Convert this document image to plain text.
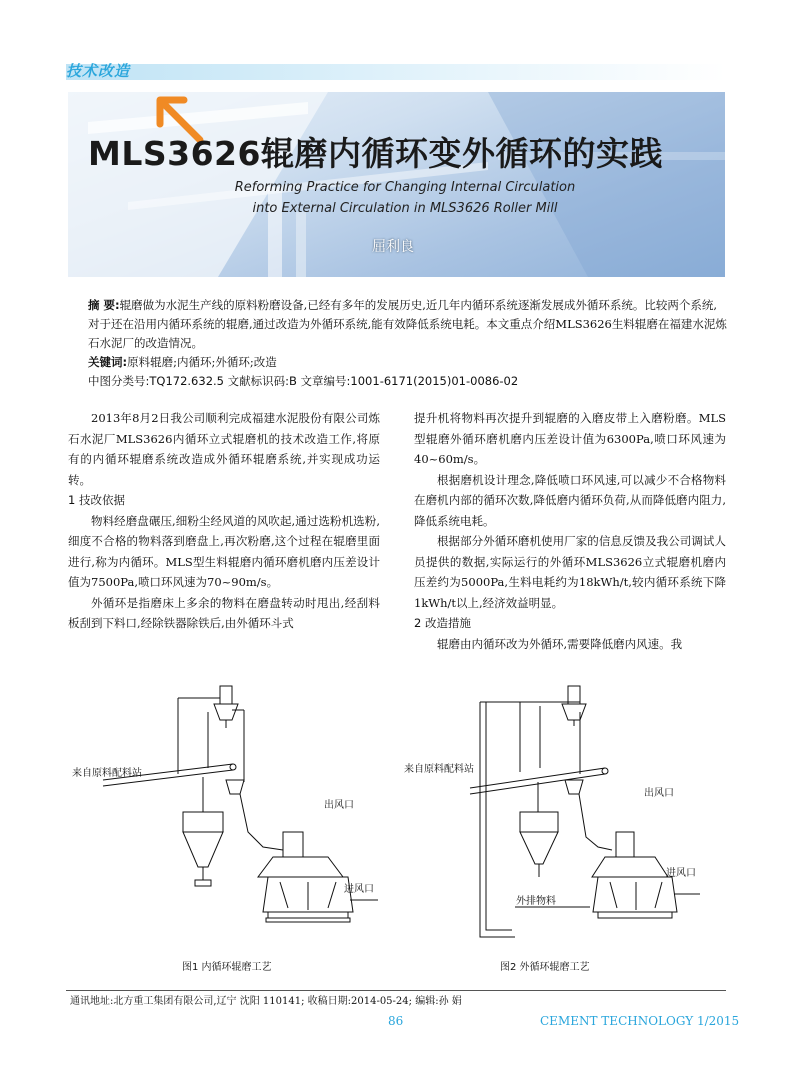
技术改造
MLS3626辊磨内循环变外循环的实践
Reforming Practice for Changing Internal Circulation
into External Circulation in MLS3626 Roller Mill
屈利良

摘 要:辊磨做为水泥生产线的原料粉磨设备,已经有多年的发展历史,近几年内循环系统逐渐发展成外循环系统。比较两个系统,对于还在沿用内循环系统的辊磨,通过改造为外循环系统,能有效降低系统电耗。本文重点介绍MLS3626生料辊磨在福建水泥炼石水泥厂的改造情况。

关键词:原料辊磨;内循环;外循环;改造

中图分类号:TQ172.632.5 文献标识码:B 文章编号:1001-6171(2015)01-0086-02

2013年8月2日我公司顺利完成福建水泥股份有限公司炼石水泥厂MLS3626内循环立式辊磨机的技术改造工作,将原有的内循环辊磨系统改造成外循环辊磨系统,并实现成功运转。

1 技改依据

物料经磨盘碾压,细粉尘经风道的风吹起,通过选粉机选粉,细度不合格的物料落到磨盘上,再次粉磨,这个过程在辊磨里面进行,称为内循环。MLS型生料辊磨内循环磨机磨内压差设计值为7500Pa,喷口环风速为70~90m/s。

外循环是指磨床上多余的物料在磨盘转动时甩出,经刮料板刮到下料口,经除铁器除铁后,由外循环斗式

提升机将物料再次提升到辊磨的入磨皮带上入磨粉磨。MLS型辊磨外循环磨机磨内压差设计值为6300Pa,喷口环风速为40~60m/s。

根据磨机设计理念,降低喷口环风速,可以减少不合格物料在磨机内部的循环次数,降低磨内循环负荷,从而降低磨内阻力,降低系统电耗。

根据部分外循环磨机使用厂家的信息反馈及我公司调试人员提供的数据,实际运行的外循环MLS3626立式辊磨机磨内压差约为5000Pa,生料电耗约为18kWh/t,较内循环系统下降1kWh/t以上,经济效益明显。

2 改造措施

辊磨由内循环改为外循环,需要降低磨内风速。我

来自原料配料站
出风口
进风口
图1 内循环辊磨工艺
来自原料配料站
出风口
进风口
外排物料
图2 外循环辊磨工艺
通讯地址:北方重工集团有限公司,辽宁 沈阳 110141; 收稿日期:2014-05-24; 编辑:孙 娟
86	CEMENT TECHNOLOGY 1/2015
